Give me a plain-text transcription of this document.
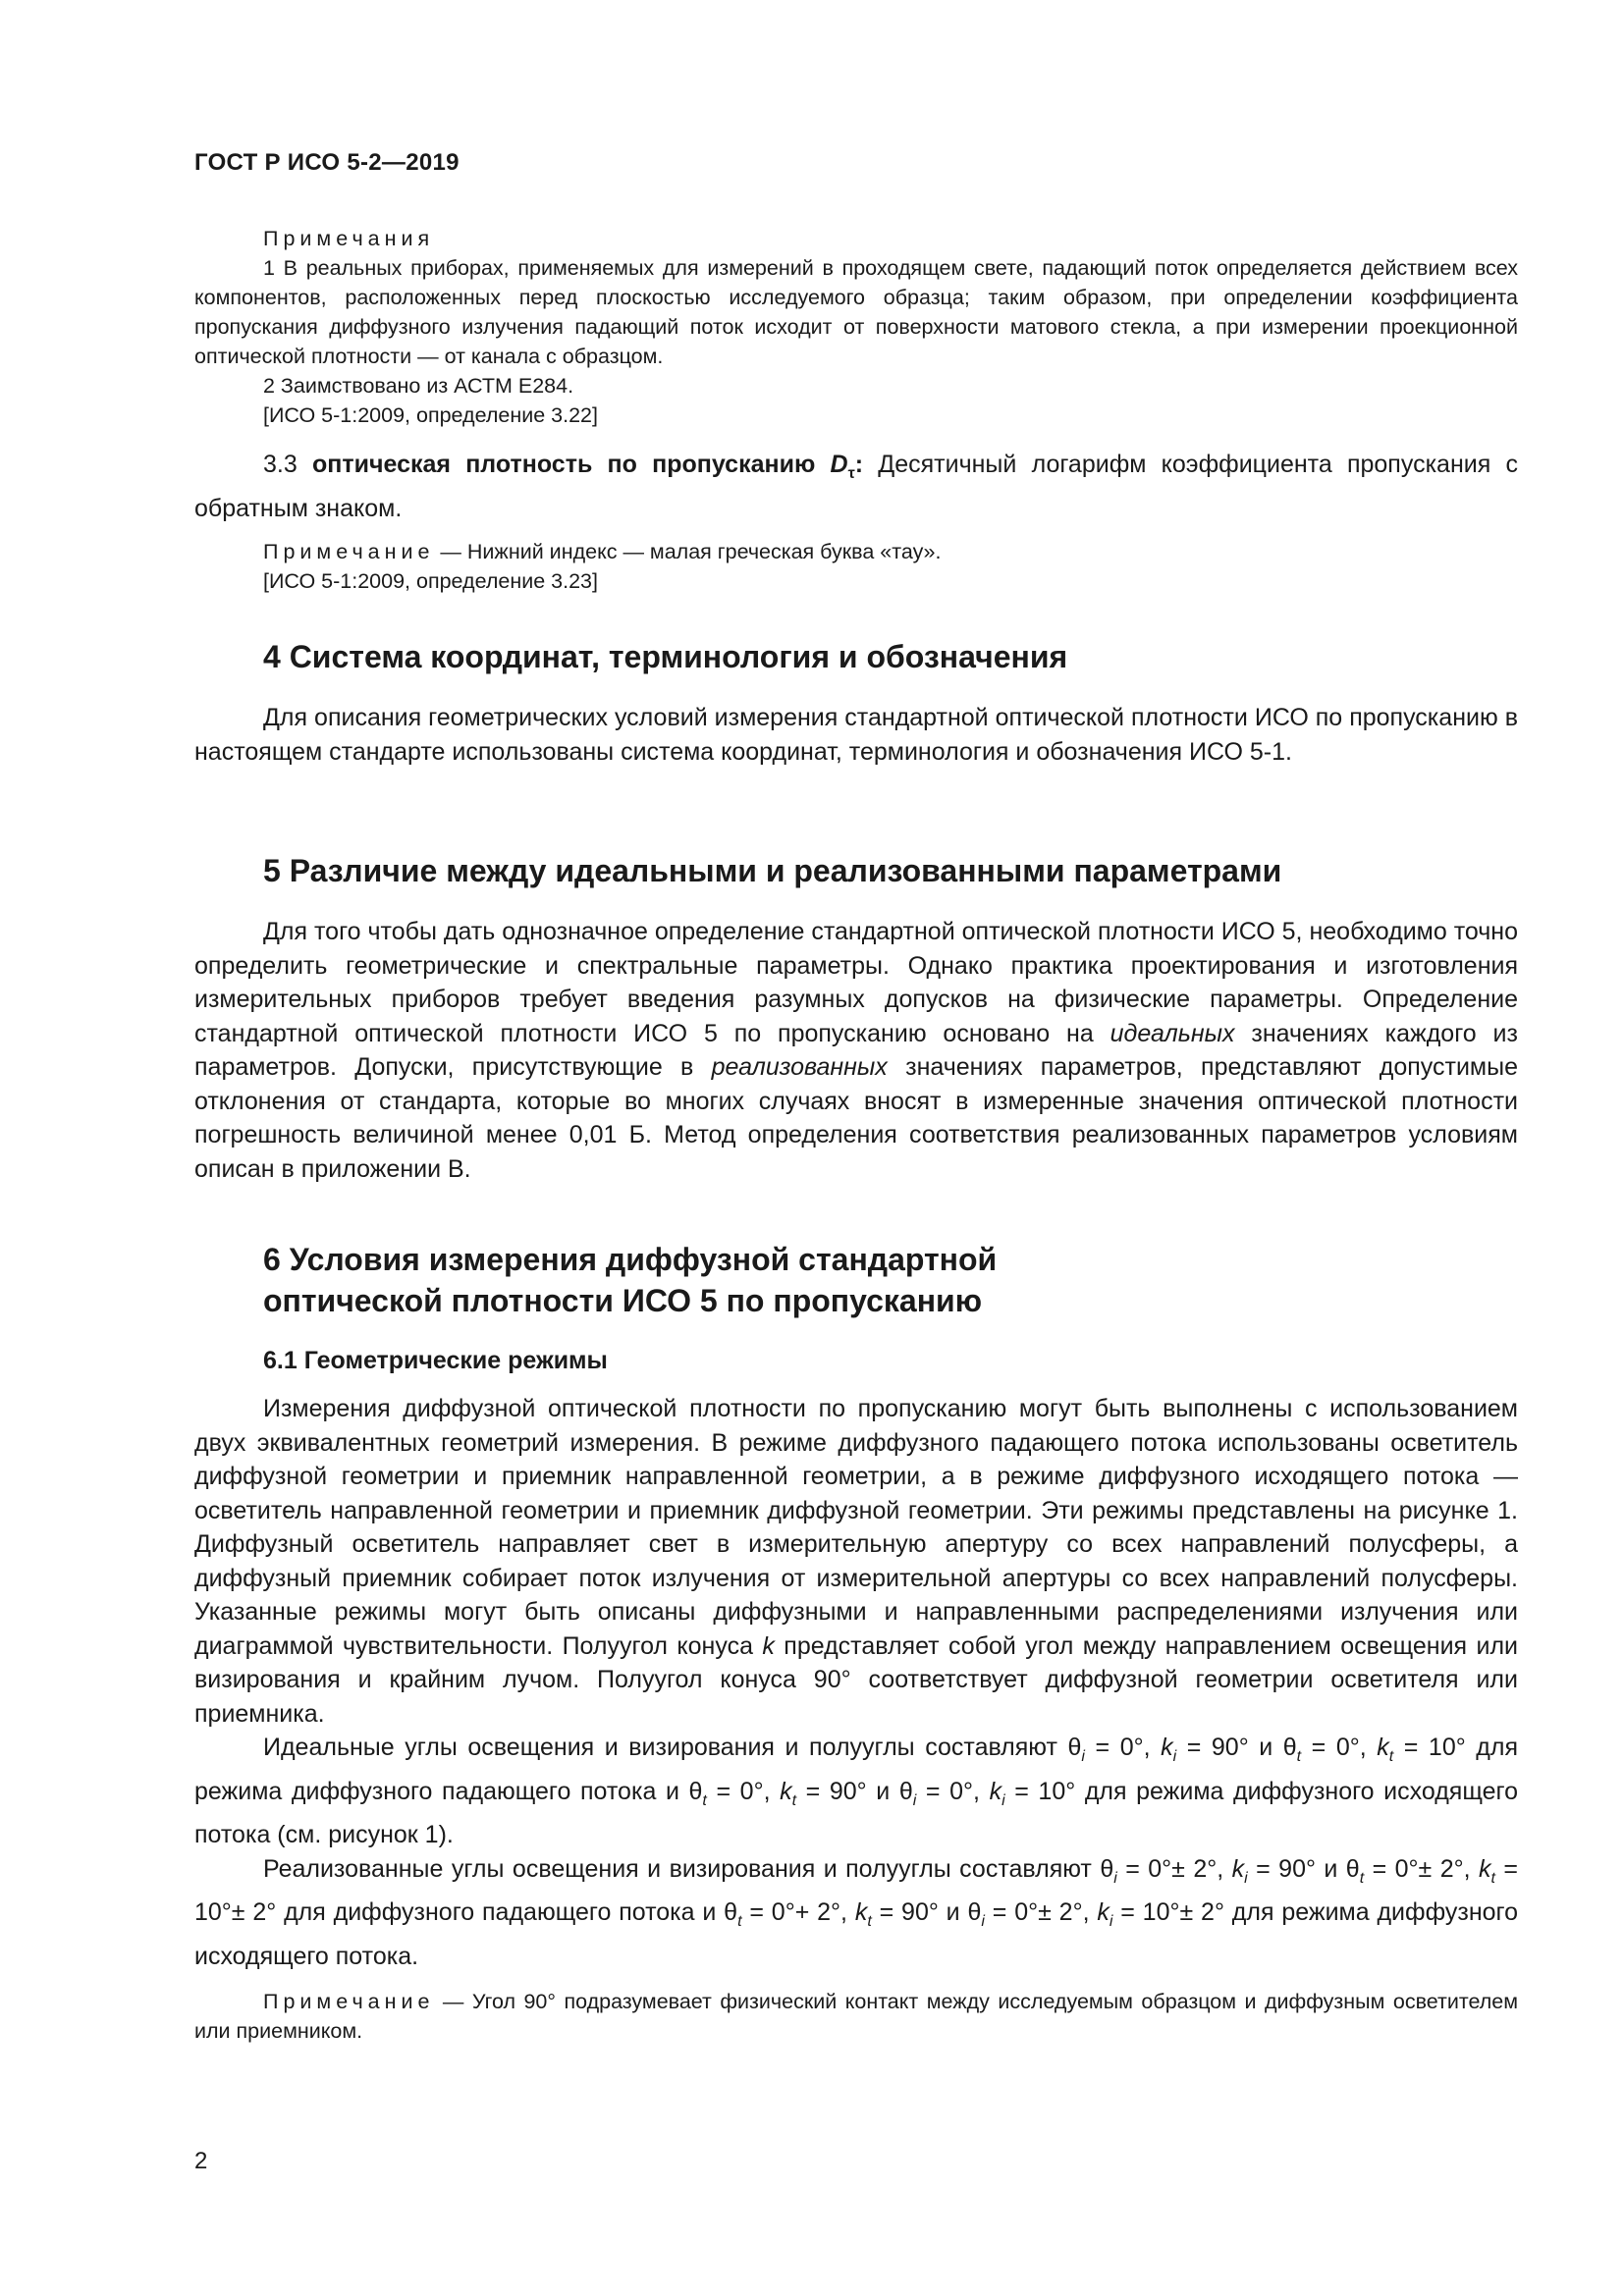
ГОСТ Р ИСО 5-2—2019

Примечания

1 В реальных приборах, применяемых для измерений в проходящем свете, падающий поток определяется действием всех компонентов, расположенных перед плоскостью исследуемого образца; таким образом, при определении коэффициента пропускания диффузного излучения падающий поток исходит от поверхности матового стекла, а при измерении проекционной оптической плотности — от канала с образцом.

2 Заимствовано из АСТМ Е284.

[ИСО 5-1:2009, определение 3.22]

3.3 оптическая плотность по пропусканию $D_\tau$: Десятичный логарифм коэффициента пропускания с обратным знаком.

Примечание — Нижний индекс — малая греческая буква «тау».

[ИСО 5-1:2009, определение 3.23]

4 Система координат, терминология и обозначения

Для описания геометрических условий измерения стандартной оптической плотности ИСО по пропусканию в настоящем стандарте использованы система координат, терминология и обозначения ИСО 5-1.

5 Различие между идеальными и реализованными параметрами

Для того чтобы дать однозначное определение стандартной оптической плотности ИСО 5, необходимо точно определить геометрические и спектральные параметры. Однако практика проектирования и изготовления измерительных приборов требует введения разумных допусков на физические параметры. Определение стандартной оптической плотности ИСО 5 по пропусканию основано на идеальных значениях каждого из параметров. Допуски, присутствующие в реализованных значениях параметров, представляют допустимые отклонения от стандарта, которые во многих случаях вносят в измеренные значения оптической плотности погрешность величиной менее 0,01 Б. Метод определения соответствия реализованных параметров условиям описан в приложении В.

6 Условия измерения диффузной стандартной
оптической плотности ИСО 5 по пропусканию
6.1 Геометрические режимы

Измерения диффузной оптической плотности по пропусканию могут быть выполнены с использованием двух эквивалентных геометрий измерения. В режиме диффузного падающего потока использованы осветитель диффузной геометрии и приемник направленной геометрии, а в режиме диффузного исходящего потока — осветитель направленной геометрии и приемник диффузной геометрии. Эти режимы представлены на рисунке 1. Диффузный осветитель направляет свет в измерительную апертуру со всех направлений полусферы, а диффузный приемник собирает поток излучения от измерительной апертуры со всех направлений полусферы. Указанные режимы могут быть описаны диффузными и направленными распределениями излучения или диаграммой чувствительности. Полуугол конуса k представляет собой угол между направлением освещения или визирования и крайним лучом. Полуугол конуса 90° соответствует диффузной геометрии осветителя или приемника.

Идеальные углы освещения и визирования и полууглы составляют $\theta_i = 0^\circ$, $k_i = 90^\circ$ и $\theta_t = 0^\circ$, $k_t = 10^\circ$ для режима диффузного падающего потока и $\theta_t = 0^\circ$, $k_t = 90^\circ$ и $\theta_i = 0^\circ$, $k_i = 10^\circ$ для режима диффузного исходящего потока (см. рисунок 1).

Реализованные углы освещения и визирования и полууглы составляют $\theta_i = 0^\circ\pm 2^\circ$, $k_i = 90^\circ$ и $\theta_t = 0^\circ\pm 2^\circ$, $k_t = 10^\circ\pm 2^\circ$ для диффузного падающего потока и $\theta_t = 0^\circ+ 2^\circ$, $k_t = 90^\circ$ и $\theta_i = 0^\circ\pm 2^\circ$, $k_i = 10^\circ\pm 2^\circ$ для режима диффузного исходящего потока.

Примечание — Угол 90° подразумевает физический контакт между исследуемым образцом и диффузным осветителем или приемником.

2
